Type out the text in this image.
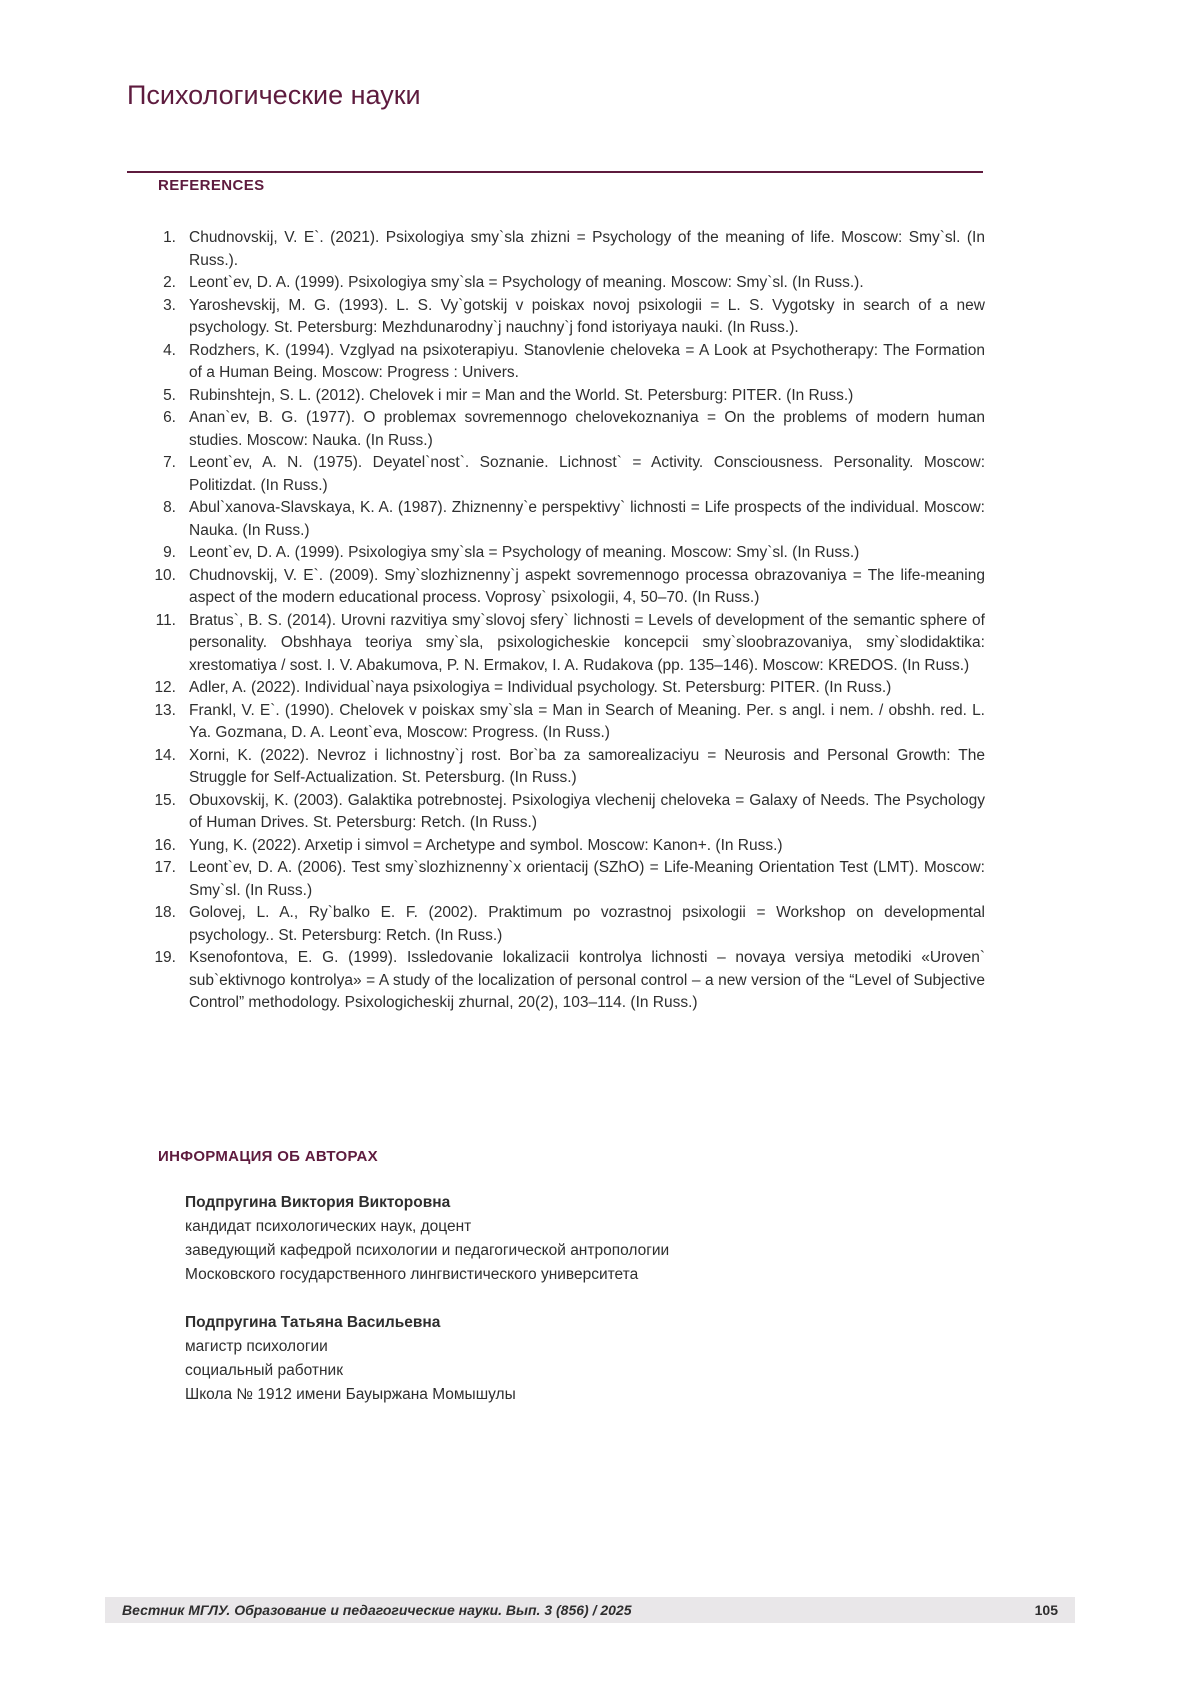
Психологические науки
REFERENCES
1. Chudnovskij, V. E`. (2021). Psixologiya smy`sla zhizni = Psychology of the meaning of life. Moscow: Smy`sl. (In Russ.).
2. Leont`ev, D. A. (1999). Psixologiya smy`sla = Psychology of meaning. Moscow: Smy`sl. (In Russ.).
3. Yaroshevskij, M. G. (1993). L. S. Vy`gotskij v poiskax novoj psixologii = L. S. Vygotsky in search of a new psychology. St. Petersburg: Mezhdunarodny`j nauchny`j fond istoriyaya nauki. (In Russ.).
4. Rodzhers, K. (1994). Vzglyad na psixoterapiyu. Stanovlenie cheloveka = A Look at Psychotherapy: The Formation of a Human Being. Moscow: Progress : Univers.
5. Rubinshtejn, S. L. (2012). Chelovek i mir = Man and the World. St. Petersburg: PITER. (In Russ.)
6. Anan`ev, B. G. (1977). O problemax sovremennogo chelovekoznaniya = On the problems of modern human studies. Moscow: Nauka. (In Russ.)
7. Leont`ev, A. N. (1975). Deyatel`nost`. Soznanie. Lichnost` = Activity. Consciousness. Personality. Moscow: Politizdat. (In Russ.)
8. Abul`xanova-Slavskaya, K. A. (1987). Zhiznenny`e perspektivy` lichnosti = Life prospects of the individual. Moscow: Nauka. (In Russ.)
9. Leont`ev, D. A. (1999). Psixologiya smy`sla = Psychology of meaning. Moscow: Smy`sl. (In Russ.)
10. Chudnovskij, V. E`. (2009). Smy`slozhiznenny`j aspekt sovremennogo processa obrazovaniya = The life-meaning aspect of the modern educational process. Voprosy` psixologii, 4, 50–70. (In Russ.)
11. Bratus`, B. S. (2014). Urovni razvitiya smy`slovoj sfery` lichnosti = Levels of development of the semantic sphere of personality. Obshhaya teoriya smy`sla, psixologicheskie koncepcii smy`sloobrazovaniya, smy`slodidaktika: xrestomatiya / sost. I. V. Abakumova, P. N. Ermakov, I. A. Rudakova (pp. 135–146). Moscow: KREDOS. (In Russ.)
12. Adler, A. (2022). Individual`naya psixologiya = Individual psychology. St. Petersburg: PITER. (In Russ.)
13. Frankl, V. E`. (1990). Chelovek v poiskax smy`sla = Man in Search of Meaning. Per. s angl. i nem. / obshh. red. L. Ya. Gozmana, D. A. Leont`eva, Moscow: Progress. (In Russ.)
14. Xorni, K. (2022). Nevroz i lichnostny`j rost. Bor`ba za samorealizaciyu = Neurosis and Personal Growth: The Struggle for Self-Actualization. St. Petersburg. (In Russ.)
15. Obuxovskij, K. (2003). Galaktika potrebnostej. Psixologiya vlechenij cheloveka = Galaxy of Needs. The Psychology of Human Drives. St. Petersburg: Retch. (In Russ.)
16. Yung, K. (2022). Arxetip i simvol = Archetype and symbol. Moscow: Kanon+. (In Russ.)
17. Leont`ev, D. A. (2006). Test smy`slozhiznenny`x orientacij (SZhO) = Life-Meaning Orientation Test (LMT). Moscow: Smy`sl. (In Russ.)
18. Golovej, L. A., Ry`balko E. F. (2002). Praktimum po vozrastnoj psixologii = Workshop on developmental psychology.. St. Petersburg: Retch. (In Russ.)
19. Ksenofontova, E. G. (1999). Issledovanie lokalizacii kontrolya lichnosti – novaya versiya metodiki «Uroven` sub`ektivnogo kontrolya» = A study of the localization of personal control – a new version of the “Level of Subjective Control” methodology. Psixologicheskij zhurnal, 20(2), 103–114. (In Russ.)
ИНФОРМАЦИЯ ОБ АВТОРАХ
Подпругина Виктория Викторовна
кандидат психологических наук, доцент
заведующий кафедрой психологии и педагогической антропологии
Московского государственного лингвистического университета
Подпругина Татьяна Васильевна
магистр психологии
социальный работник
Школа № 1912 имени Бауыржана Момышулы
Вестник МГЛУ. Образование и педагогические науки. Вып. 3 (856) / 2025	105
